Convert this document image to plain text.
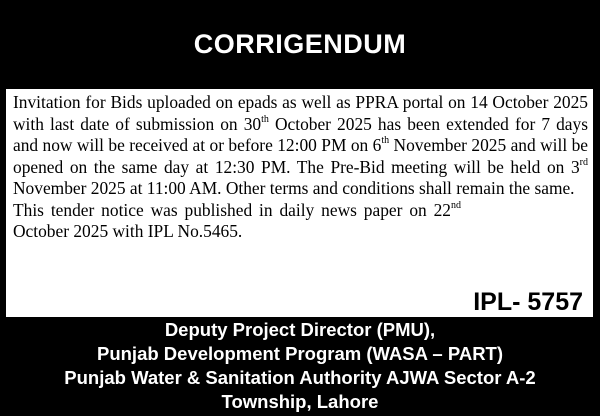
CORRIGENDUM

Invitation for Bids uploaded on epads as well as PPRA portal on 14 October 2025 with last date of submission on 30th October 2025 has been extended for 7 days and now will be received at or before 12:00 PM on 6th November 2025 and will be opened on the same day at 12:30 PM. The Pre-Bid meeting will be held on 3rd November 2025 at 11:00 AM. Other terms and conditions shall remain the same.

This tender notice was published in daily news paper on 22nd October 2025 with IPL No.5465.

IPL- 5757
Deputy Project Director (PMU),
Punjab Development Program (WASA – PART)
Punjab Water & Sanitation Authority AJWA Sector A-2
Township, Lahore
